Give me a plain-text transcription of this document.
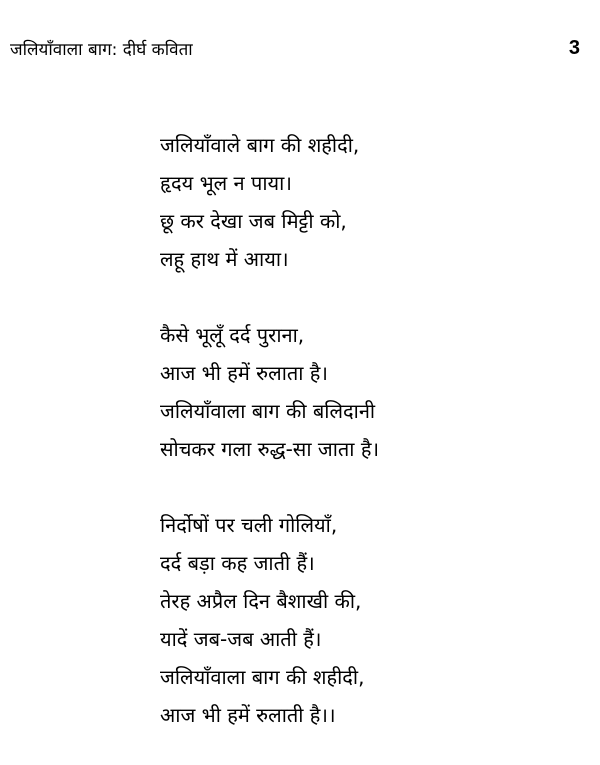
जलियाँवाला बाग: दीर्घ कविता	3
जलियाँवाले बाग की शहीदी,
हृदय भूल न पाया।
छू कर देखा जब मिट्टी को,
लहू हाथ में आया।
कैसे भूलूँ दर्द पुराना,
आज भी हमें रुलाता है।
जलियाँवाला बाग की बलिदानी
सोचकर गला रुद्ध-सा जाता है।
निर्दोषों पर चली गोलियाँ,
दर्द बड़ा कह जाती हैं।
तेरह अप्रैल दिन बैशाखी की,
यादें जब-जब आती हैं।
जलियाँवाला बाग की शहीदी,
आज भी हमें रुलाती है।।
